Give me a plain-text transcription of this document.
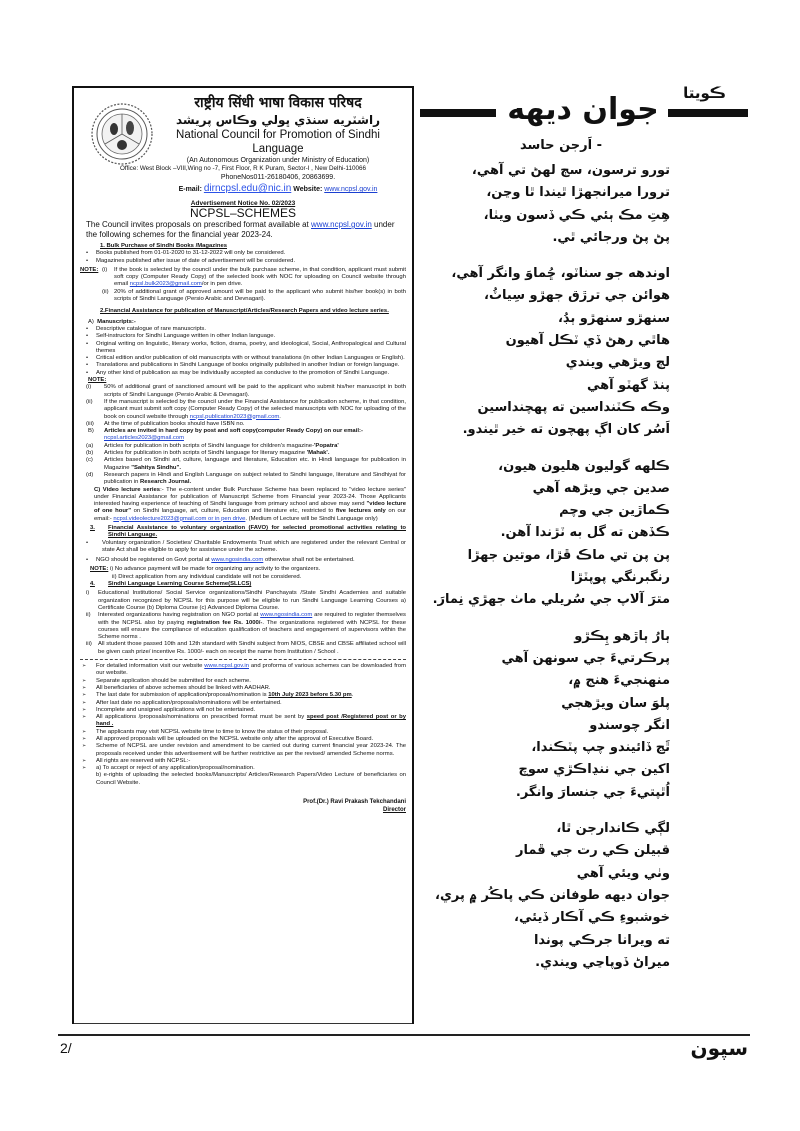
राष्ट्रीय सिंधी भाषा विकास परिषद
راشٽريه سنڌي ڀولي وڪاس پريشد
National Council for Promotion of Sindhi Language
(An Autonomous Organization under Ministry of Education)
Office: West Block –VIII,Wing no -7, First Floor, R K Puram, Sector-I , New Delhi-110066
PhoneNos011-26180406, 20863699.
E-mail: dirncpsl.edu@nic.in Website: www.ncpsl.gov.in
Advertisement Notice No. 02/2023
NCPSL–SCHEMES
The Council invites proposals on prescribed format available at www.ncpsl.gov.in under the following schemes for the financial year 2023-24.
1. Bulk Purchase of Sindhi Books /Magazines
• Books published from 01-01-2020 to 31-12-2022 will only be considered.
• Magazines published after issue of date of advertisement will be considered.
NOTE: (i)	If the book is selected by the council under the bulk purchase scheme, in that condition, applicant must submit soft copy (Computer Ready Copy) of the selected book with NOC for uploading on Council website through email ncpsl.bulk2023@gmail.com/or in pen drive.
(ii) 20% of additional grant of approved amount will be paid to the applicant who submit his/her book(s) in both scripts of Sindhi Language (Persio Arabic and Devnagari).
2.Financial Assistance for publication of Manuscript/Articles/Research Papers and video lecture series.
A) Manuscripts:-
• Descriptive catalogue of rare manuscripts.
• Self-instructors for Sindhi Language written in other Indian language.
• Original writing on linguistic, literary works, fiction, drama, poetry, and ideological, Social, Anthropalogical and Cultural themes
• Critical edition and/or publication of old manuscripts with or without translations (in other Indian Languages or English).
• Translations and publications in Sindhi Language of books originally published in another Indian or foreign language.
• Any other kind of publication as may be individually accepted as conducive to the promotion of Sindhi Language.
NOTE:
(i)	50% of additional grant of sanctioned amount will be paid to the applicant who submit his/her manuscript in both scripts of Sindhi Language (Persio Arabic & Devnagari).
(ii)	If the manuscript is selected by the council under the Financial Assistance for publication scheme, in that condition, applicant must submit soft copy (Computer Ready Copy) of the selected manuscripts with NOC for uploading of the book on council website through ncpsl.publication2023@gmail.com.
(iii)	At the time of publication books should have ISBN no.
B)	Articles are invited in hard copy by post and soft copy(computer Ready Copy) on our email:-
ncpsl.articles2023@gmail.com
(a)	Articles for publication in both scripts of Sindhi language for children's magazine-'Popatra'
(b)	Articles for publication in both scripts of Sindhi language for literary magazine 'Mahak'.
(c)	Articles based on Sindhi art, culture, language and literature, Education etc. in Hindi language for publication in Magazine "Sahitya Sindhu".
(d)	Research papers in Hindi and English Language on subject related to Sindhi language, literature and Sindhiyat for publication in Research Journal.
C) Video lecture series:- The e-content under Bulk Purchase Scheme has been replaced to "video lecture series" under Financial Assistance for publication of Manuscript Scheme from Financial year 2023-24. Those Applicants interested having experience of teaching of Sindhi language from primary school and above may send "video lecture of one hour" on Sindhi language, art, culture, Education and literature etc, restricted to five lectures only on our email:- ncpsl.videolecture2023@gmail.com or in pen drive. (Medium of Lecture will be Sindhi Language only)
3.	Financial Assistance to voluntary organization (FAVO) for selected promotional activities relating to Sindhi Language.
• Voluntary organization / Societies/ Charitable Endowments Trust which are registered under the relevant Central or state Act shall be eligible to apply for assistance under the scheme.
• NGO should be registered on Govt portal at www.ngosindia.com otherwise shall not be entertained.
NOTE: i) No advance payment will be made for organizing any activity to the organizers.
ii) Direct application from any individual candidate will not be considered.
4.	Sindhi Language Learning Course Scheme(SLLCS)
i)	Educational Institutions/ Social Service organizations/Sindhi Panchayats /State Sindhi Academies and suitable organization recognized by NCPSL for this purpose will be eligible to run Sindhi Language Learning Courses a) Certificate Course (b) Diploma Course (c) Advanced Diploma Course.
ii)	Interested organizations having registration on NGO portal at www.ngosindia.com are required to register themselves with the NCPSL also by paying registration fee Rs. 1000/-. The organizations registered with NCPSL for these courses will ensure the compliance of education qualification of teachers and engagement of supervisors within the Scheme norms .
iii)	All student those passed 10th and 12th standard with Sindhi subject from NIOS, CBSE and CBSE affiliated school will be given cash prize/ incentive Rs. 1000/- each on receipt the name from Institution / School .
➢ For detailed information visit our website www.ncpsl.gov.in and proforma of various schemes can be downloaded from our website.
➢ Separate application should be submitted for each scheme.
➢ All beneficiaries of above schemes should be linked with AADHAR.
➢ The last date for submission of application/proposal/nomination is 10th July 2023 before 5.30 pm.
➢ After last date no application/proposals/nominations will be entertained.
➢ Incomplete and unsigned applications will not be entertained.
➢ All applications /proposals/nominations on prescribed format must be sent by speed post /Registered post or by hand .
➢ The applicants may visit NCPSL website time to time to know the status of their proposal.
➢ All approved proposals will be uploaded on the NCPSL website only after the approval of Executive Board.
➢ Scheme of NCPSL are under revision and amendment to be carried out during current financial year 2023-24. The proposals received under this advertisement will be further restrictive as per the revised/ amended Scheme norms.
➢ All rights are reserved with NCPSL:-
➢ a) To accept or reject of any application/proposal/nomination.
b) e-rights of uploading the selected books/Manuscripts/ Articles/Research Papers/Video Lecture of beneficiaries on Council Website.
Prof.(Dr.) Ravi Prakash Tekchandani
Director
ڪويتا
جوان ديهه
- اَرجن حاسد
تورو ترسون، سڄ لهڻ تي آهي،
ترورا ميرانجھڙا ٿيندا ٿا وڃن،
هِتِ مڪ ٻئي ڪي ڏسون ويٺا،
پڻ پڻ ورجائي ٿي.
اوندهه جو سناٽو، ڇُماوَ وانگر آهي،
هوائن جي ترڙق جهڙو سِياٽُ،
سنهڙو سنهڙو ٻڊُ،
هاٿي رهڻ ڏي ٽڪل آهيون
لڄ ويڙهي ويندي
پنڌ گهٽو آهي
وڪه ڪٽنداسين ته پهچنداسين
اَسُر کان اڳ پهچون ته خير ٿيندو.
ڪلهه گوليون هليون هيون،
صدين جي ويڙهه آهي
ڪماڙين جي وچم
ڪڏهن ته گل به ٽڙندا آهن.
پن پن تي ماڪ ڦڙا، موتين جهڙا
رنگبرنگي پوپٽڙا
مترَ آلاپ جي سُريلي ماٺ جهڙي نِمارَ.
ٻارُ ٻاڙهو ٻِڪڙو
پرڪرتيءَ جي سونهن آهي
منهنجيءَ هنج ۾،
پلوَ سان ويڙهجي
انگر چوسندو
ٿَڃ ڏائيندو چپ پٽڪندا،
اکين جي ننڍاڪڙي سوچ
اُٿپتيءَ جي جنسارَ وانگر.
لڳي ڪاندارجن ٿا،
قبيلن ڪي رت جي ڦمار
وٺي ويئي آهي
جوان ديهه طوفانن ڪي پاڪُر ۾ پري،
خوشبوءِ ڪي آڪار ڏيئي،
ته ويرانا جرڪي پوندا
ميراڻ ڏوپاڃي ويندي.
2/	سپون
